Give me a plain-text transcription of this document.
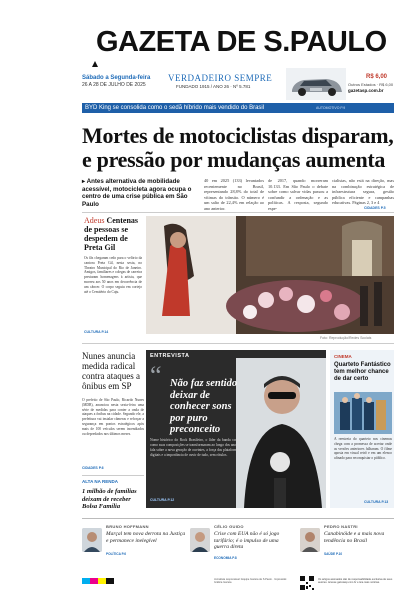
GAZETA DE S.PAULO
Sábado a Segunda-feira
26 A 28 DE JULHO DE 2025
VERDADEIRO SEMPRE
FUNDADO 1915 / ANO 26 · Nº 5.781
R$ 6,00
Outros Estados · R$ 6,00
gazetasp.com.br
BYD King se consolida como o sedã híbrido mais vendido do Brasil	AUTOMOTIVO P.9
Mortes de motociclistas disparam, e pressão por mudanças aumenta
▸ Antes alternativa de mobilidade acessível, motocicleta agora ocupa o centro de uma crise pública em São Paulo
40 em 2025 (133) levantados recentemente no Brasil, representando 28,8% do total de vítimas do trânsito. O número é um salto de 22,4% em relação ao ano anterior.
de 2017, quando morreram 10.133. Em São Paulo o debate sobre como salvar vidas passou a confundir a ordenação e as políticas. A resposta, segundo espe-
cialistas, não está na direção, mas na combinação estratégica de infraestrutura segura, gestão pública eficiente e campanhas educativas. Páginas 2, 3 e 4
CIDADES P.5
Adeus Centenas de pessoas se despedem de Preta Gil
Os fãs chegaram cedo para o velório da cantora Preta Gil, nesta sexta, no Theatro Municipal do Rio de Janeiro. Amigos, familiares e colegas de carreira prestaram homenagens à artista, que morreu aos 50 anos em decorrência de um câncer. O corpo seguiu em cortejo até o Cemitério do Caju.
CULTURA P.14
Foto: Reprodução/Redes Sociais
Nunes anuncia medida radical contra ataques a ônibus em SP
O prefeito de São Paulo, Ricardo Nunes (MDB), anunciou nesta sexta-feira uma série de medidas para conter a onda de ataques a ônibus na cidade. Segundo ele, a prefeitura vai instalar câmeras e reforçar a segurança em pontos estratégicos após mais de 100 veículos serem incendiados ou depredados nos últimos meses.
CIDADES P.6
ALTA NA RENDA
1 milhão de famílias deixam de receber Bolsa Família
ENTREVISTA
“ Não faz sentido deixar de conhecer sons por puro preconceito
Nome histórico do Rock Brasileiro, o líder da banda conta como suas composições se transformaram ao longo dos anos e fala sobre a nova geração de ouvintes, a força das plataformas digitais e a importância de ouvir de tudo, sem rótulos.
CULTURA P.12
CINEMA
Quarteto Fantástico tem melhor chance de dar certo
A reestreia do quarteto nos cinemas chega com a promessa de acertar onde as versões anteriores falharam. O filme aposta em visual retrô e em um elenco afinado para reconquistar o público.
CULTURA P.13
BRUNO HOFFMANN
Marçal tem nova derrota na Justiça e permanece inelegível
POLÍTICA P.6
CÉLIO GUIDO
Crise com EUA não é só jogo tarifário; é o impulso de uma guerra direta
ECONOMIA P.8
PEDRO NASTRI
Canabinóide e a mais nova tendência no Brasil
SAÚDE P.10
Jornalista responsável: Equipe Gazeta de S.Paulo · Impressão: Gráfica Gazeta
Os artigos assinados são de responsabilidade exclusiva de seus autores. Acesse gazetasp.com.br e leia mais notícias.
